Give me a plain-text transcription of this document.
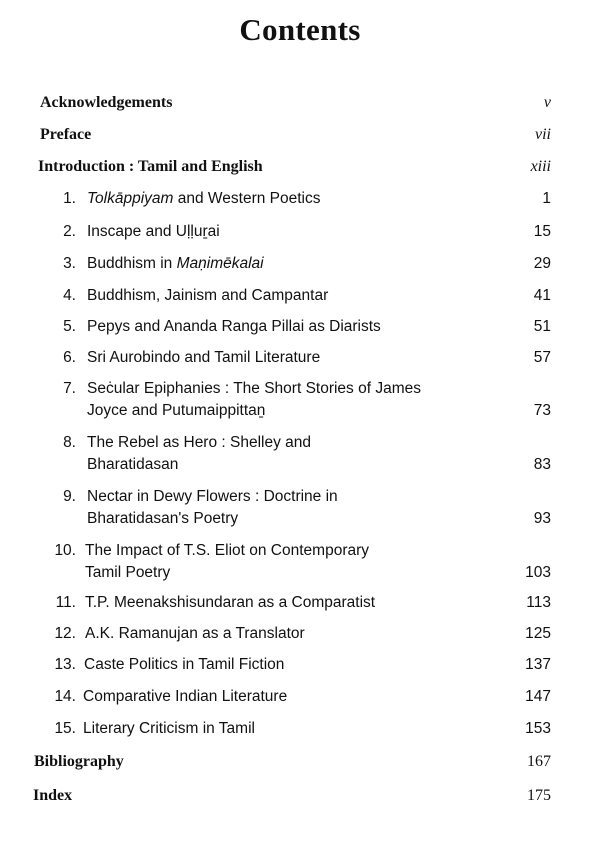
Contents
Acknowledgements	v
Preface	vii
Introduction : Tamil and English	xiii
1. Tolkāppiyam and Western Poetics	1
2. Inscape and Uḷḷuṟai	15
3. Buddhism in Maṇimēkalai	29
4. Buddhism, Jainism and Campantar	41
5. Pepys and Ananda Ranga Pillai as Diarists	51
6. Sri Aurobindo and Tamil Literature	57
7. Seċular Epiphanies : The Short Stories of James
Joyce and Putumaippittaṉ	73
8. The Rebel as Hero : Shelley and
Bharatidasan	83
9. Nectar in Dewy Flowers : Doctrine in
Bharatidasan's Poetry	93
10. The Impact of T.S. Eliot on Contemporary
Tamil Poetry	103
11. T.P. Meenakshisundaran as a Comparatist	113
12. A.K. Ramanujan as a Translator	125
13. Caste Politics in Tamil Fiction	137
14. Comparative Indian Literature	147
15. Literary Criticism in Tamil	153
Bibliography	167
Index	175
